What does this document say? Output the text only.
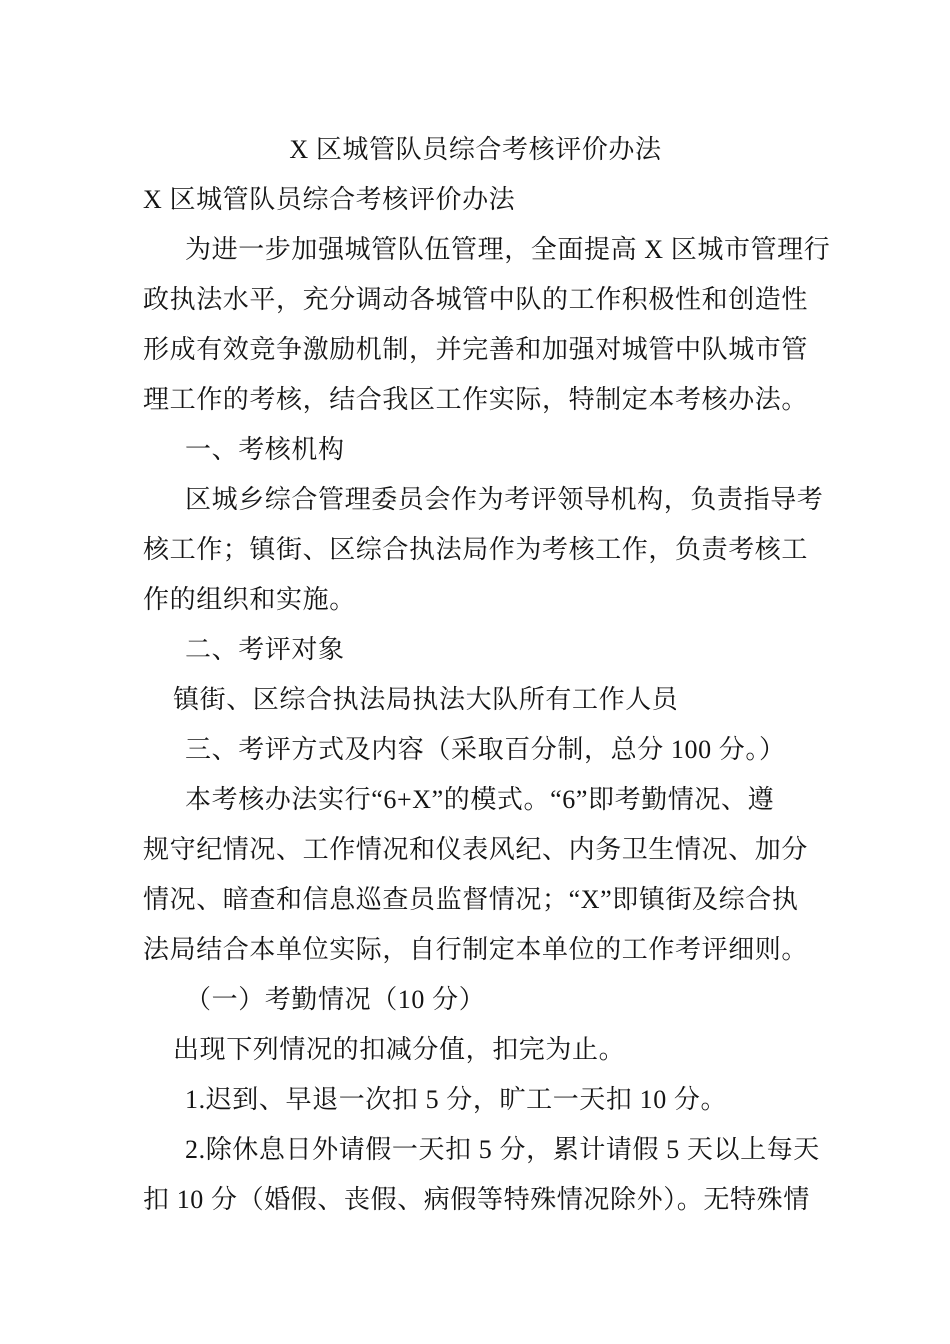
X 区城管队员综合考核评价办法
X 区城管队员综合考核评价办法
为进一步加强城管队伍管理，全面提高 X 区城市管理行
政执法水平，充分调动各城管中队的工作积极性和创造性
形成有效竞争激励机制，并完善和加强对城管中队城市管
理工作的考核，结合我区工作实际，特制定本考核办法。
一、考核机构
区城乡综合管理委员会作为考评领导机构，负责指导考
核工作；镇街、区综合执法局作为考核工作，负责考核工
作的组织和实施。
二、考评对象
镇街、区综合执法局执法大队所有工作人员
三、考评方式及内容（采取百分制，总分 100 分。）
本考核办法实行“6+X”的模式。“6”即考勤情况、遵
规守纪情况、工作情况和仪表风纪、内务卫生情况、加分
情况、暗查和信息巡查员监督情况；“X”即镇街及综合执
法局结合本单位实际，自行制定本单位的工作考评细则。
（一）考勤情况（10 分）
出现下列情况的扣减分值，扣完为止。
1.迟到、早退一次扣 5 分，旷工一天扣 10 分。
2.除休息日外请假一天扣 5 分，累计请假 5 天以上每天
扣 10 分（婚假、丧假、病假等特殊情况除外）。无特殊情
